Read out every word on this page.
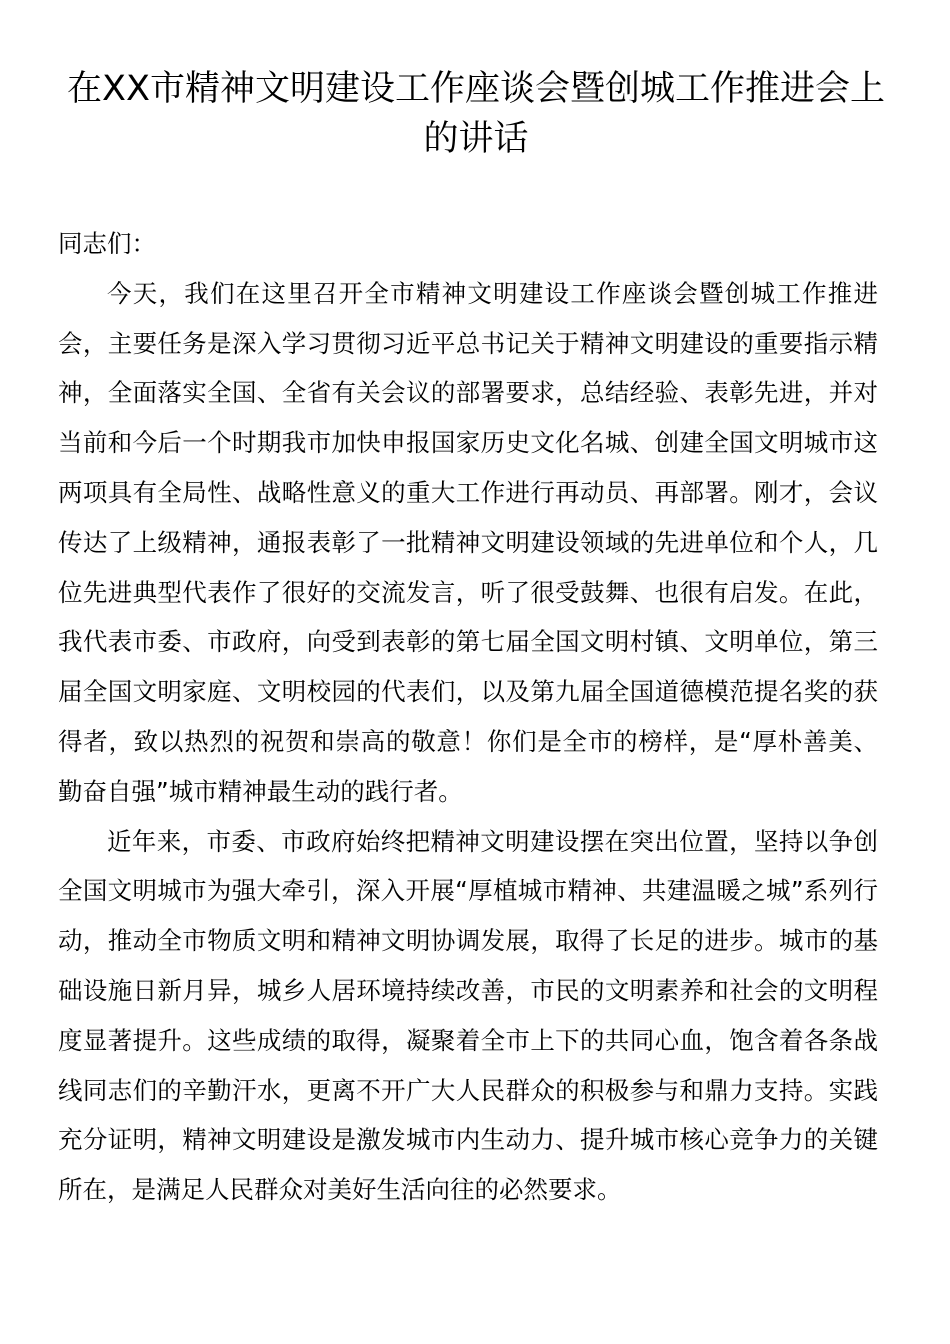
在XX市精神文明建设工作座谈会暨创城工作推进会上的讲话

同志们：

今天，我们在这里召开全市精神文明建设工作座谈会暨创城工作推进会，主要任务是深入学习贯彻习近平总书记关于精神文明建设的重要指示精神，全面落实全国、全省有关会议的部署要求，总结经验、表彰先进，并对当前和今后一个时期我市加快申报国家历史文化名城、创建全国文明城市这两项具有全局性、战略性意义的重大工作进行再动员、再部署。刚才，会议传达了上级精神，通报表彰了一批精神文明建设领域的先进单位和个人，几位先进典型代表作了很好的交流发言，听了很受鼓舞、也很有启发。在此，我代表市委、市政府，向受到表彰的第七届全国文明村镇、文明单位，第三届全国文明家庭、文明校园的代表们，以及第九届全国道德模范提名奖的获得者，致以热烈的祝贺和崇高的敬意！你们是全市的榜样，是“厚朴善美、勤奋自强”城市精神最生动的践行者。

近年来，市委、市政府始终把精神文明建设摆在突出位置，坚持以争创全国文明城市为强大牵引，深入开展“厚植城市精神、共建温暖之城”系列行动，推动全市物质文明和精神文明协调发展，取得了长足的进步。城市的基础设施日新月异，城乡人居环境持续改善，市民的文明素养和社会的文明程度显著提升。这些成绩的取得，凝聚着全市上下的共同心血，饱含着各条战线同志们的辛勤汗水，更离不开广大人民群众的积极参与和鼎力支持。实践充分证明，精神文明建设是激发城市内生动力、提升城市核心竞争力的关键所在，是满足人民群众对美好生活向往的必然要求。
